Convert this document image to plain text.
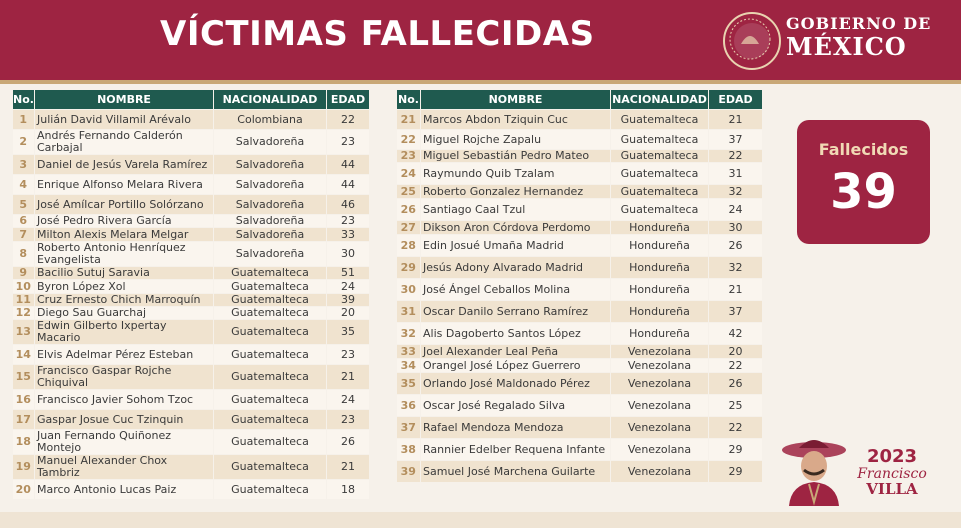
VÍCTIMAS FALLECIDAS	GOBIERNO DE
MÉXICO
No.	NOMBRE	NACIONALIDAD	EDAD
1	Julián David Villamil Arévalo	Colombiana	22
2	Andrés Fernando Calderón Carbajal	Salvadoreña	23
3	Daniel de Jesús Varela Ramírez	Salvadoreña	44
4	Enrique Alfonso Melara Rivera	Salvadoreña	44
5	José Amílcar Portillo Solórzano	Salvadoreña	46
6	José Pedro Rivera García	Salvadoreña	23
7	Milton Alexis Melara Melgar	Salvadoreña	33
8	Roberto Antonio Henríquez Evangelista	Salvadoreña	30
9	Bacilio Sutuj Saravia	Guatemalteca	51
10	Byron López Xol	Guatemalteca	24
11	Cruz Ernesto Chich Marroquín	Guatemalteca	39
12	Diego Sau Guarchaj	Guatemalteca	20
13	Edwin Gilberto Ixpertay Macario	Guatemalteca	35
14	Elvis Adelmar Pérez Esteban	Guatemalteca	23
15	Francisco Gaspar Rojche Chiquival	Guatemalteca	21
16	Francisco Javier Sohom Tzoc	Guatemalteca	24
17	Gaspar Josue Cuc Tzinquin	Guatemalteca	23
18	Juan Fernando Quiñonez Montejo	Guatemalteca	26
19	Manuel Alexander Chox Tambriz	Guatemalteca	21
20	Marco Antonio Lucas Paiz	Guatemalteca	18
No.	NOMBRE	NACIONALIDAD	EDAD
21	Marcos Abdon Tziquin Cuc	Guatemalteca	21
22	Miguel Rojche Zapalu	Guatemalteca	37
23	Miguel Sebastián Pedro Mateo	Guatemalteca	22
24	Raymundo Quib Tzalam	Guatemalteca	31
25	Roberto Gonzalez Hernandez	Guatemalteca	32
26	Santiago Caal Tzul	Guatemalteca	24
27	Dikson Aron Córdova Perdomo	Hondureña	30
28	Edin Josué Umaña Madrid	Hondureña	26
29	Jesús Adony Alvarado Madrid	Hondureña	32
30	José Ángel Ceballos Molina	Hondureña	21
31	Oscar Danilo Serrano Ramírez	Hondureña	37
32	Alis Dagoberto Santos López	Hondureña	42
33	Joel Alexander Leal Peña	Venezolana	20
34	Orangel José López Guerrero	Venezolana	22
35	Orlando José Maldonado Pérez	Venezolana	26
36	Oscar José Regalado Silva	Venezolana	25
37	Rafael Mendoza Mendoza	Venezolana	22
38	Rannier Edelber Requena Infante	Venezolana	29
39	Samuel José Marchena Guilarte	Venezolana	29
Fallecidos
39
2023
Francisco
VILLA
